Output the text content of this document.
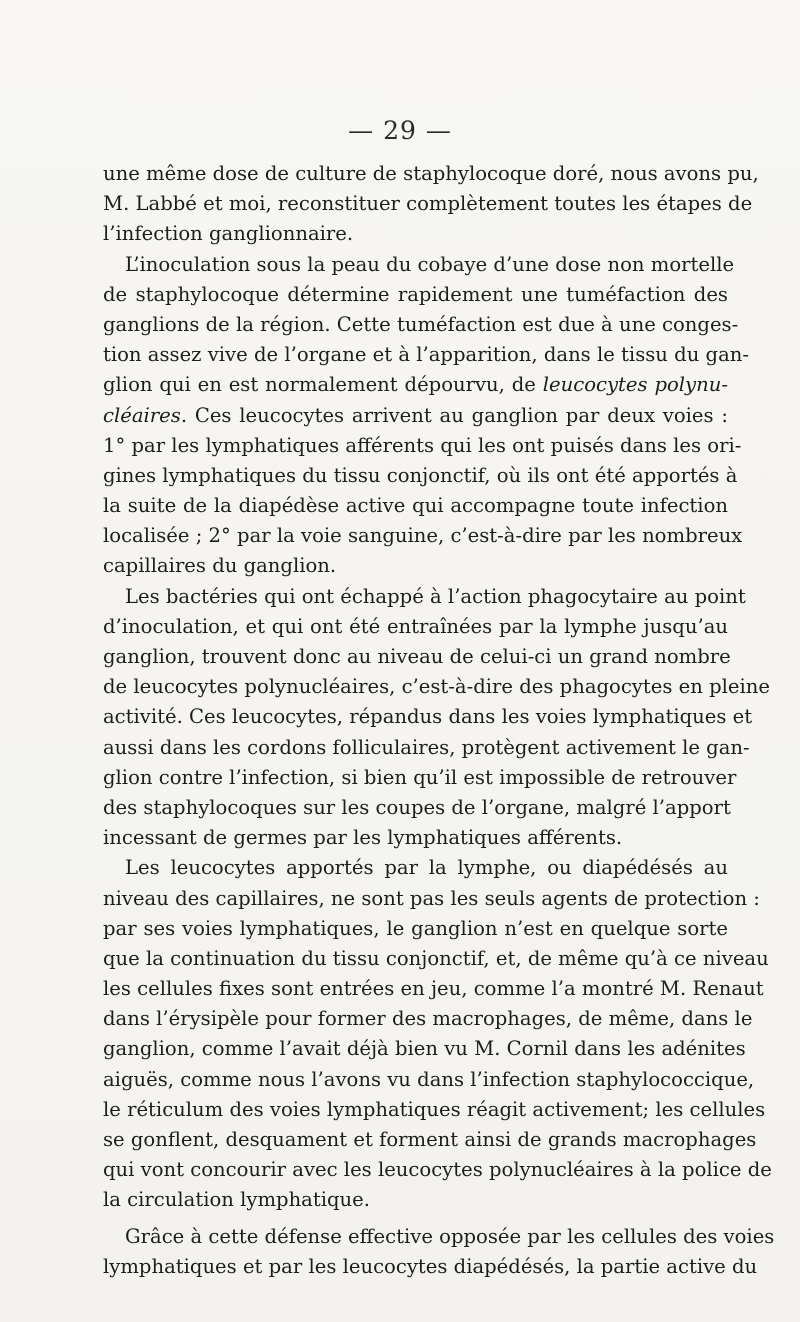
— 29 —

une même dose de culture de staphylocoque doré, nous avons pu,
M. Labbé et moi, reconstituer complètement toutes les étapes de
l’infection ganglionnaire.

L’inoculation sous la peau du cobaye d’une dose non mortelle
de staphylocoque détermine rapidement une tuméfaction des
ganglions de la région. Cette tuméfaction est due à une conges-
tion assez vive de l’organe et à l’apparition, dans le tissu du gan-
glion qui en est normalement dépourvu, de leucocytes polynu-
cléaires. Ces leucocytes arrivent au ganglion par deux voies :
1° par les lymphatiques afférents qui les ont puisés dans les ori-
gines lymphatiques du tissu conjonctif, où ils ont été apportés à
la suite de la diapédèse active qui accompagne toute infection
localisée ; 2° par la voie sanguine, c’est-à-dire par les nombreux
capillaires du ganglion.

Les bactéries qui ont échappé à l’action phagocytaire au point
d’inoculation, et qui ont été entraînées par la lymphe jusqu’au
ganglion, trouvent donc au niveau de celui-ci un grand nombre
de leucocytes polynucléaires, c’est-à-dire des phagocytes en pleine
activité. Ces leucocytes, répandus dans les voies lymphatiques et
aussi dans les cordons folliculaires, protègent activement le gan-
glion contre l’infection, si bien qu’il est impossible de retrouver
des staphylocoques sur les coupes de l’organe, malgré l’apport
incessant de germes par les lymphatiques afférents.

Les leucocytes apportés par la lymphe, ou diapédésés au
niveau des capillaires, ne sont pas les seuls agents de protection :
par ses voies lymphatiques, le ganglion n’est en quelque sorte
que la continuation du tissu conjonctif, et, de même qu’à ce niveau
les cellules fixes sont entrées en jeu, comme l’a montré M. Renaut
dans l’érysipèle pour former des macrophages, de même, dans le
ganglion, comme l’avait déjà bien vu M. Cornil dans les adénites
aiguës, comme nous l’avons vu dans l’infection staphylococcique,
le réticulum des voies lymphatiques réagit activement; les cellules
se gonflent, desquament et forment ainsi de grands macrophages
qui vont concourir avec les leucocytes polynucléaires à la police de
la circulation lymphatique.

Grâce à cette défense effective opposée par les cellules des voies
lymphatiques et par les leucocytes diapédésés, la partie active du
